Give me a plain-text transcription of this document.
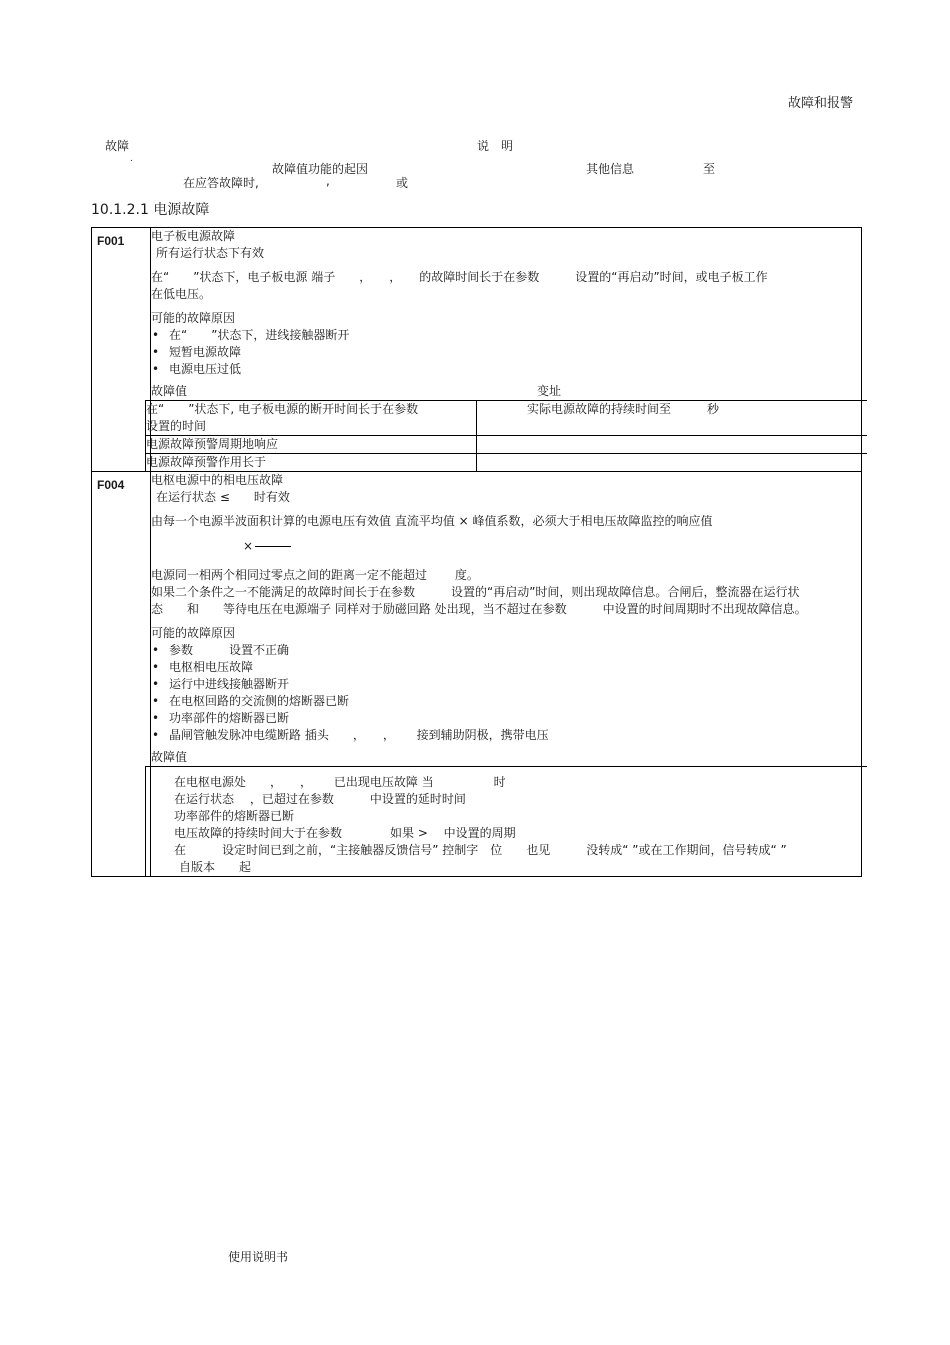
故障和报警
故障	说　明
.
故障值功能的起因	其他信息	至
在应答故障时,	,	或
10.1.2.1 电源故障
F001	电子板电源故障
所有运行状态下有效
在“　　”状态下，电子板电源 端子　　，　　，　　的故障时间长于在参数　　　设置的“再启动”时间，或电子板工作
在低电压。
可能的故障原因
• 在“　　”状态下，进线接触器断开
• 短暂电源故障
• 电源电压过低
故障值	变址
在“　　”状态下, 电子板电源的断开时间长于在参数
设置的时间
	实际电源故障的持续时间至　　　秒
电源故障预警周期地响应	
电源故障预警作用长于	

F004	电枢电源中的相电压故障
在运行状态 ≤　　时有效
由每一个电源半波面积计算的电源电压有效值 直流平均值 × 峰值系数，必须大于相电压故障监控的响应值
×
电源同一相两个相同过零点之间的距离一定不能超过　　 度。
如果二个条件之一不能满足的故障时间长于在参数　　　设置的“再启动”时间，则出现故障信息。合闸后，整流器在运行状
态　　和　　等待电压在电源端子 同样对于励磁回路 处出现，当不超过在参数　　　中设置的时间周期时不出现故障信息。
可能的故障原因
• 参数　　　设置不正确
• 电枢相电压故障
• 运行中进线接触器断开
• 在电枢回路的交流侧的熔断器已断
• 功率部件的熔断器已断
• 晶闸管触发脉冲电缆断路 插头　　，　　，　　 接到辅助阴极，携带电压
故障值
在电枢电源处　　，　　，　　 已出现电压故障 当　　　　　时
在运行状态　 ，已超过在参数　　　中设置的延时时间
功率部件的熔断器已断
电压故障的持续时间大于在参数　　　　如果 >　 中设置的周期
在　　　设定时间已到之前，“主接触器反馈信号” 控制字　位　　也见　　　没转成“ ”或在工作期间，信号转成“ ”
自版本　　起
使用说明书
